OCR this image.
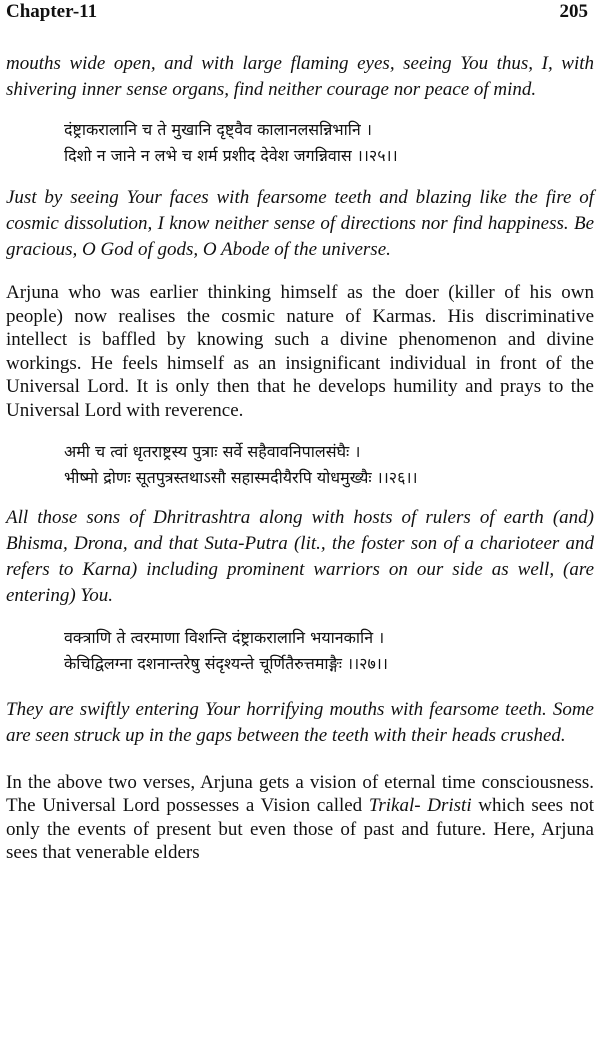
Chapter-11	205

mouths wide open, and with large flaming eyes, seeing You thus, I, with shivering inner sense organs, find neither courage nor peace of mind.

दंष्ट्राकरालानि च ते मुखानि दृष्ट्वैव कालानलसन्निभानि ।

दिशो न जाने न लभे च शर्म प्रशीद देवेश जगन्निवास ।।२५।।

Just by seeing Your faces with fearsome teeth and blazing like the fire of cosmic dissolution, I know neither sense of directions nor find happiness. Be gracious, O God of gods, O Abode of the universe.

Arjuna who was earlier thinking himself as the doer (killer of his own people) now realises the cosmic nature of Karmas. His discriminative intellect is baffled by knowing such a divine phenomenon and divine workings. He feels himself as an insignificant individual in front of the Universal Lord. It is only then that he develops humility and prays to the Universal Lord with reverence.

अमी च त्वां धृतराष्ट्रस्य पुत्राः सर्वे सहैवावनिपालसंघैः ।

भीष्मो द्रोणः सूतपुत्रस्तथाऽसौ सहास्मदीयैरपि योधमुख्यैः ।।२६।।

All those sons of Dhritrashtra along with hosts of rulers of earth (and) Bhisma, Drona, and that Suta-Putra (lit., the foster son of a charioteer and refers to Karna) including prominent warriors on our side as well, (are entering) You.

वक्त्राणि ते त्वरमाणा विशन्ति दंष्ट्राकरालानि भयानकानि ।

केचिद्विलग्ना दशनान्तरेषु संदृश्यन्ते चूर्णितैरुत्तमाङ्गैः ।।२७।।

They are swiftly entering Your horrifying mouths with fearsome teeth. Some are seen struck up in the gaps between the teeth with their heads crushed.

In the above two verses, Arjuna gets a vision of eternal time consciousness. The Universal Lord possesses a Vision called Trikal- Dristi which sees not only the events of present but even those of past and future. Here, Arjuna sees that venerable elders
